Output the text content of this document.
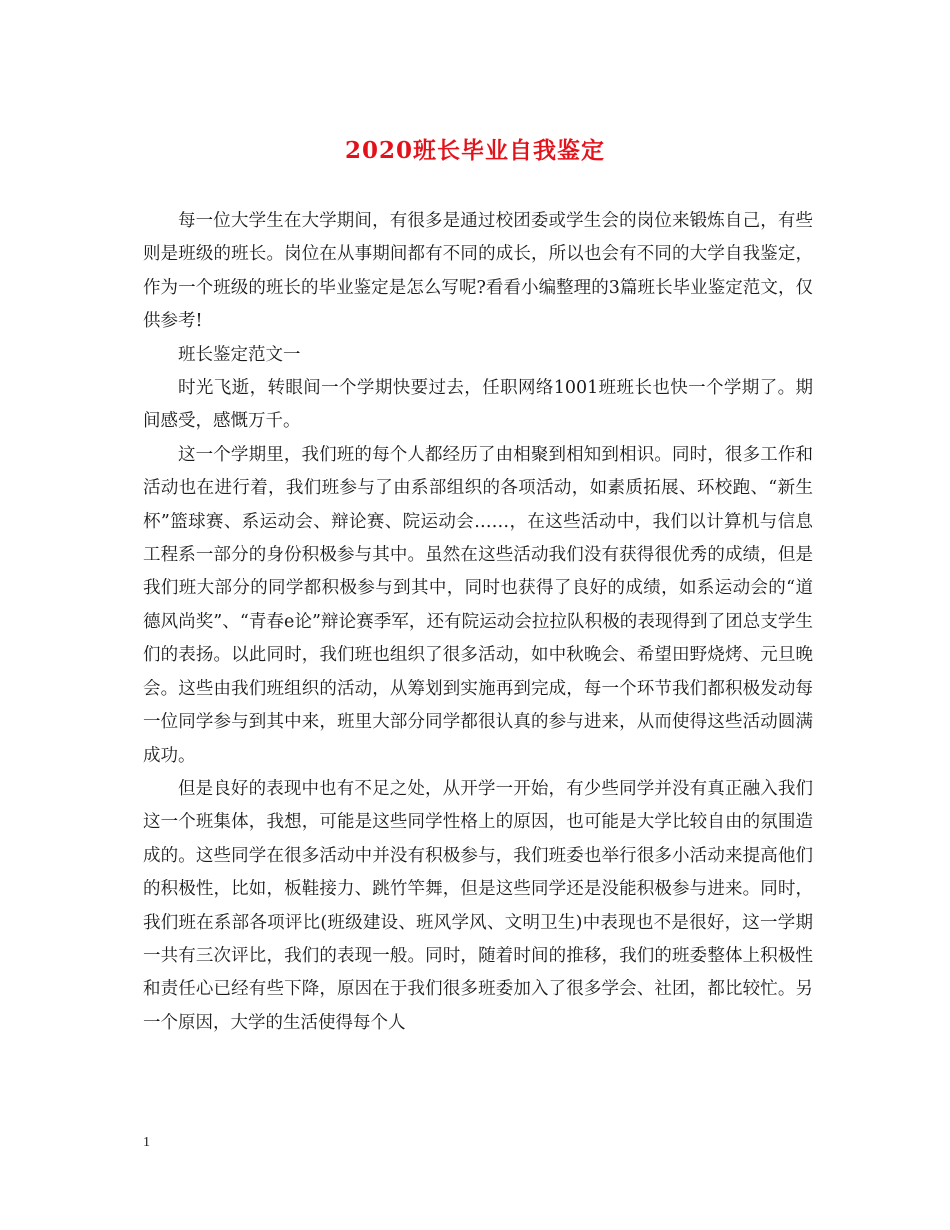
2020班长毕业自我鉴定

每一位大学生在大学期间，有很多是通过校团委或学生会的岗位来锻炼自己，有些则是班级的班长。岗位在从事期间都有不同的成长，所以也会有不同的大学自我鉴定，作为一个班级的班长的毕业鉴定是怎么写呢?看看小编整理的3篇班长毕业鉴定范文，仅供参考!

班长鉴定范文一

时光飞逝，转眼间一个学期快要过去，任职网络1001班班长也快一个学期了。期间感受，感慨万千。

这一个学期里，我们班的每个人都经历了由相聚到相知到相识。同时，很多工作和活动也在进行着，我们班参与了由系部组织的各项活动，如素质拓展、环校跑、“新生杯”篮球赛、系运动会、辩论赛、院运动会……，在这些活动中，我们以计算机与信息工程系一部分的身份积极参与其中。虽然在这些活动我们没有获得很优秀的成绩，但是我们班大部分的同学都积极参与到其中，同时也获得了良好的成绩，如系运动会的“道德风尚奖”、“青春e论”辩论赛季军，还有院运动会拉拉队积极的表现得到了团总支学生们的表扬。以此同时，我们班也组织了很多活动，如中秋晚会、希望田野烧烤、元旦晚会。这些由我们班组织的活动，从筹划到实施再到完成，每一个环节我们都积极发动每一位同学参与到其中来，班里大部分同学都很认真的参与进来，从而使得这些活动圆满成功。

但是良好的表现中也有不足之处，从开学一开始，有少些同学并没有真正融入我们这一个班集体，我想，可能是这些同学性格上的原因，也可能是大学比较自由的氛围造成的。这些同学在很多活动中并没有积极参与，我们班委也举行很多小活动来提高他们的积极性，比如，板鞋接力、跳竹竿舞，但是这些同学还是没能积极参与进来。同时，我们班在系部各项评比(班级建设、班风学风、文明卫生)中表现也不是很好，这一学期一共有三次评比，我们的表现一般。同时，随着时间的推移，我们的班委整体上积极性和责任心已经有些下降，原因在于我们很多班委加入了很多学会、社团，都比较忙。另一个原因，大学的生活使得每个人

1
